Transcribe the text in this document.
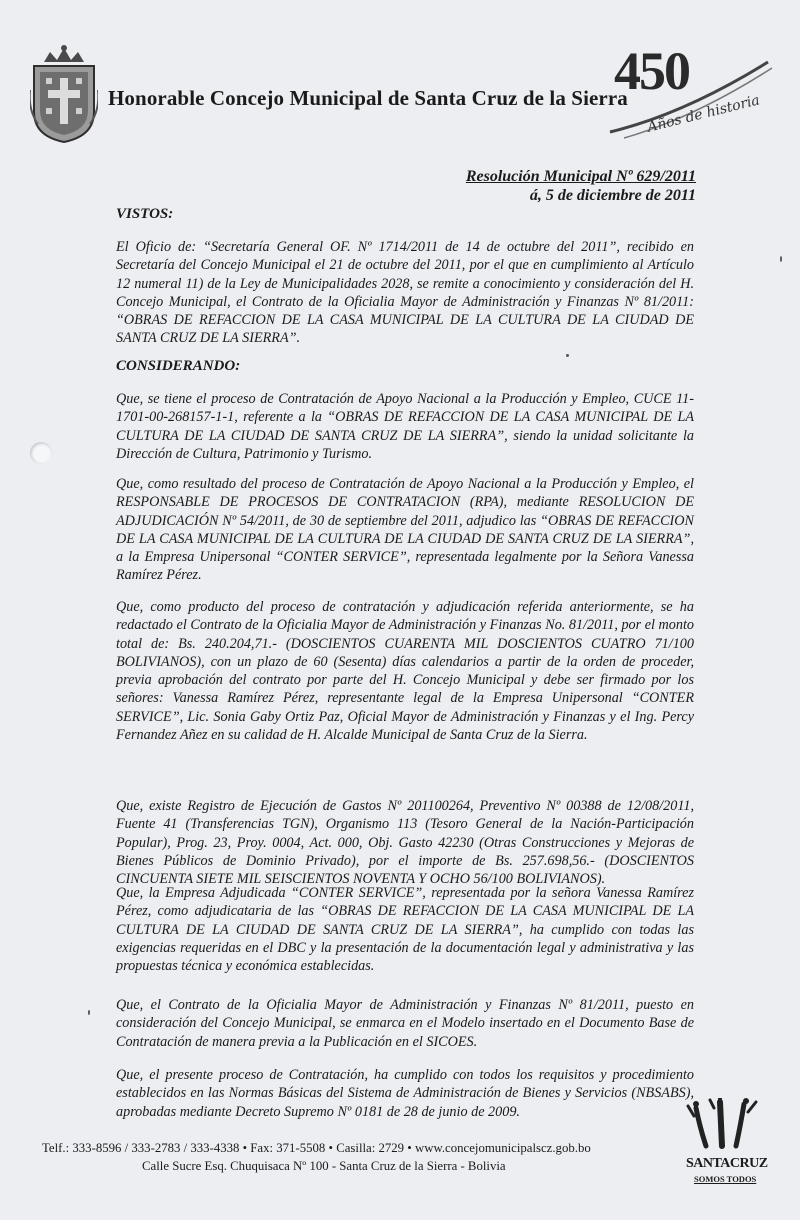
Honorable Concejo Municipal de Santa Cruz de la Sierra
450
Años de historia
Resolución Municipal Nº 629/2011
á, 5 de diciembre de 2011
VISTOS:

El Oficio de: “Secretaría General OF. Nº 1714/2011 de 14 de octubre del 2011”, recibido en Secretaría del Concejo Municipal el 21 de octubre del 2011, por el que en cumplimiento al Artículo 12 numeral 11) de la Ley de Municipalidades 2028, se remite a conocimiento y consideración del H. Concejo Municipal, el Contrato de la Oficialia Mayor de Administración y Finanzas Nº 81/2011: “OBRAS DE REFACCION DE LA CASA MUNICIPAL DE LA CULTURA DE LA CIUDAD DE SANTA CRUZ DE LA SIERRA”.

CONSIDERANDO:

Que, se tiene el proceso de Contratación de Apoyo Nacional a la Producción y Empleo, CUCE 11-1701-00-268157-1-1, referente a la “OBRAS DE REFACCION DE LA CASA MUNICIPAL DE LA CULTURA DE LA CIUDAD DE SANTA CRUZ DE LA SIERRA”, siendo la unidad solicitante la Dirección de Cultura, Patrimonio y Turismo.

Que, como resultado del proceso de Contratación de Apoyo Nacional a la Producción y Empleo, el RESPONSABLE DE PROCESOS DE CONTRATACION (RPA), mediante RESOLUCION DE ADJUDICACIÓN Nº 54/2011, de 30 de septiembre del 2011, adjudico las “OBRAS DE REFACCION DE LA CASA MUNICIPAL DE LA CULTURA DE LA CIUDAD DE SANTA CRUZ DE LA SIERRA”, a la Empresa Unipersonal “CONTER SERVICE”, representada legalmente por la Señora Vanessa Ramírez Pérez.

Que, como producto del proceso de contratación y adjudicación referida anteriormente, se ha redactado el Contrato de la Oficialia Mayor de Administración y Finanzas No. 81/2011, por el monto total de: Bs. 240.204,71.- (DOSCIENTOS CUARENTA MIL DOSCIENTOS CUATRO 71/100 BOLIVIANOS), con un plazo de 60 (Sesenta) días calendarios a partir de la orden de proceder, previa aprobación del contrato por parte del H. Concejo Municipal y debe ser firmado por los señores: Vanessa Ramírez Pérez, representante legal de la Empresa Unipersonal “CONTER SERVICE”, Lic. Sonia Gaby Ortiz Paz, Oficial Mayor de Administración y Finanzas y el Ing. Percy Fernandez Añez en su calidad de H. Alcalde Municipal de Santa Cruz de la Sierra.

Que, existe Registro de Ejecución de Gastos Nº 201100264, Preventivo Nº 00388 de 12/08/2011, Fuente 41 (Transferencias TGN), Organismo 113 (Tesoro General de la Nación-Participación Popular), Prog. 23, Proy. 0004, Act. 000, Obj. Gasto 42230 (Otras Construcciones y Mejoras de Bienes Públicos de Dominio Privado), por el importe de Bs. 257.698,56.- (DOSCIENTOS CINCUENTA SIETE MIL SEISCIENTOS NOVENTA Y OCHO 56/100 BOLIVIANOS).

Que, la Empresa Adjudicada “CONTER SERVICE”, representada por la señora Vanessa Ramírez Pérez, como adjudicataria de las “OBRAS DE REFACCION DE LA CASA MUNICIPAL DE LA CULTURA DE LA CIUDAD DE SANTA CRUZ DE LA SIERRA”, ha cumplido con todas las exigencias requeridas en el DBC y la presentación de la documentación legal y administrativa y las propuestas técnica y económica establecidas.

Que, el Contrato de la Oficialia Mayor de Administración y Finanzas Nº 81/2011, puesto en consideración del Concejo Municipal, se enmarca en el Modelo insertado en el Documento Base de Contratación de manera previa a la Publicación en el SICOES.

Que, el presente proceso de Contratación, ha cumplido con todos los requisitos y procedimiento establecidos en las Normas Básicas del Sistema de Administración de Bienes y Servicios (NBSABS), aprobadas mediante Decreto Supremo Nº 0181 de 28 de junio de 2009.

Telf.: 333-8596 / 333-2783 / 333-4338 • Fax: 371-5508 • Casilla: 2729 • www.concejomunicipalscz.gob.bo
Calle Sucre Esq. Chuquisaca Nº 100 - Santa Cruz de la Sierra - Bolivia	SANTACRUZ
SOMOS TODOS
